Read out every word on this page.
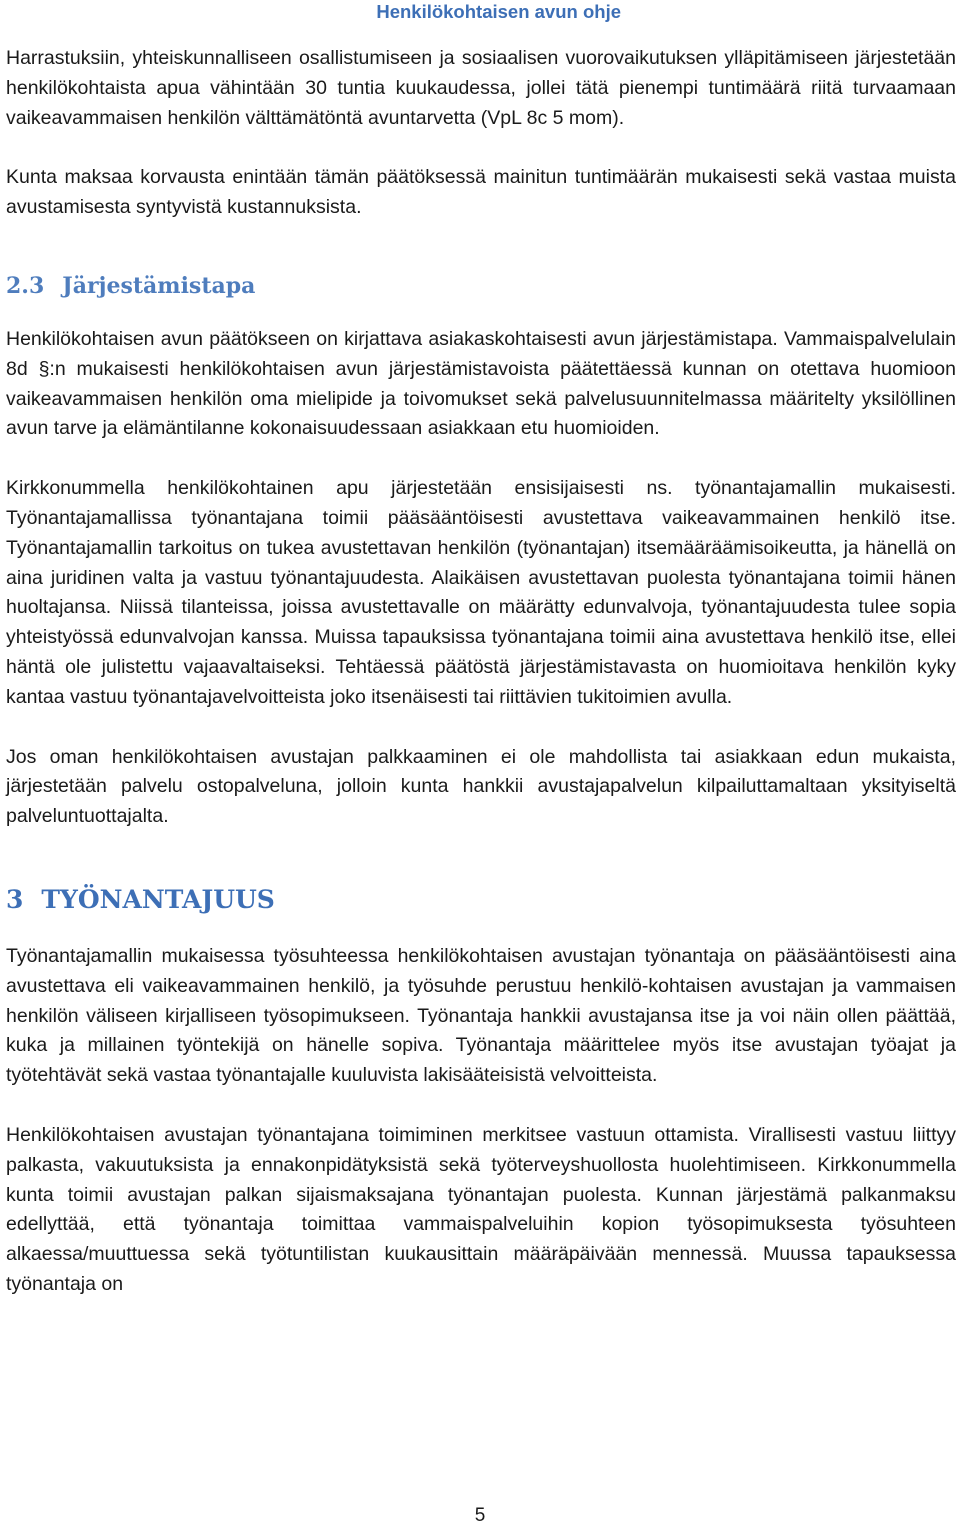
Henkilökohtaisen avun ohje

Harrastuksiin, yhteiskunnalliseen osallistumiseen ja sosiaalisen vuorovaikutuksen ylläpitämiseen järjestetään henkilökohtaista apua vähintään 30 tuntia kuukaudessa, jollei tätä pienempi tuntimäärä riitä turvaamaan vaikeavammaisen henkilön välttämätöntä avuntarvetta (VpL 8c 5 mom).

Kunta maksaa korvausta enintään tämän päätöksessä mainitun tuntimäärän mukaisesti sekä vastaa muista avustamisesta syntyvistä kustannuksista.

2.3 Järjestämistapa

Henkilökohtaisen avun päätökseen on kirjattava asiakaskohtaisesti avun järjestämistapa. Vammaispalvelulain 8d §:n mukaisesti henkilökohtaisen avun järjestämistavoista päätettäessä kunnan on otettava huomioon vaikeavammaisen henkilön oma mielipide ja toivomukset sekä palvelusuunnitelmassa määritelty yksilöllinen avun tarve ja elämäntilanne kokonaisuudessaan asiakkaan etu huomioiden.

Kirkkonummella henkilökohtainen apu järjestetään ensisijaisesti ns. työnantajamallin mukaisesti. Työnantajamallissa työnantajana toimii pääsääntöisesti avustettava vaikeavammainen henkilö itse. Työnantajamallin tarkoitus on tukea avustettavan henkilön (työnantajan) itsemääräämisoikeutta, ja hänellä on aina juridinen valta ja vastuu työnantajuudesta. Alaikäisen avustettavan puolesta työnantajana toimii hänen huoltajansa. Niissä tilanteissa, joissa avustettavalle on määrätty edunvalvoja, työnantajuudesta tulee sopia yhteistyössä edunvalvojan kanssa. Muissa tapauksissa työnantajana toimii aina avustettava henkilö itse, ellei häntä ole julistettu vajaavaltaiseksi. Tehtäessä päätöstä järjestämistavasta on huomioitava henkilön kyky kantaa vastuu työnantajavelvoitteista joko itsenäisesti tai riittävien tukitoimien avulla.

Jos oman henkilökohtaisen avustajan palkkaaminen ei ole mahdollista tai asiakkaan edun mukaista, järjestetään palvelu ostopalveluna, jolloin kunta hankkii avustajapalvelun kilpailuttamaltaan yksityiseltä palveluntuottajalta.

3 TYÖNANTAJUUS

Työnantajamallin mukaisessa työsuhteessa henkilökohtaisen avustajan työnantaja on pääsääntöisesti aina avustettava eli vaikeavammainen henkilö, ja työsuhde perustuu henkilö-kohtaisen avustajan ja vammaisen henkilön väliseen kirjalliseen työsopimukseen. Työnantaja hankkii avustajansa itse ja voi näin ollen päättää, kuka ja millainen työntekijä on hänelle sopiva. Työnantaja määrittelee myös itse avustajan työajat ja työtehtävät sekä vastaa työnantajalle kuuluvista lakisääteisistä velvoitteista.

Henkilökohtaisen avustajan työnantajana toimiminen merkitsee vastuun ottamista. Virallisesti vastuu liittyy palkasta, vakuutuksista ja ennakonpidätyksistä sekä työterveyshuollosta huolehtimiseen. Kirkkonummella kunta toimii avustajan palkan sijaismaksajana työnantajan puolesta. Kunnan järjestämä palkanmaksu edellyttää, että työnantaja toimittaa vammaispalveluihin kopion työsopimuksesta työsuhteen alkaessa/muuttuessa sekä työtuntilistan kuukausittain määräpäivään mennessä. Muussa tapauksessa työnantaja on

5
